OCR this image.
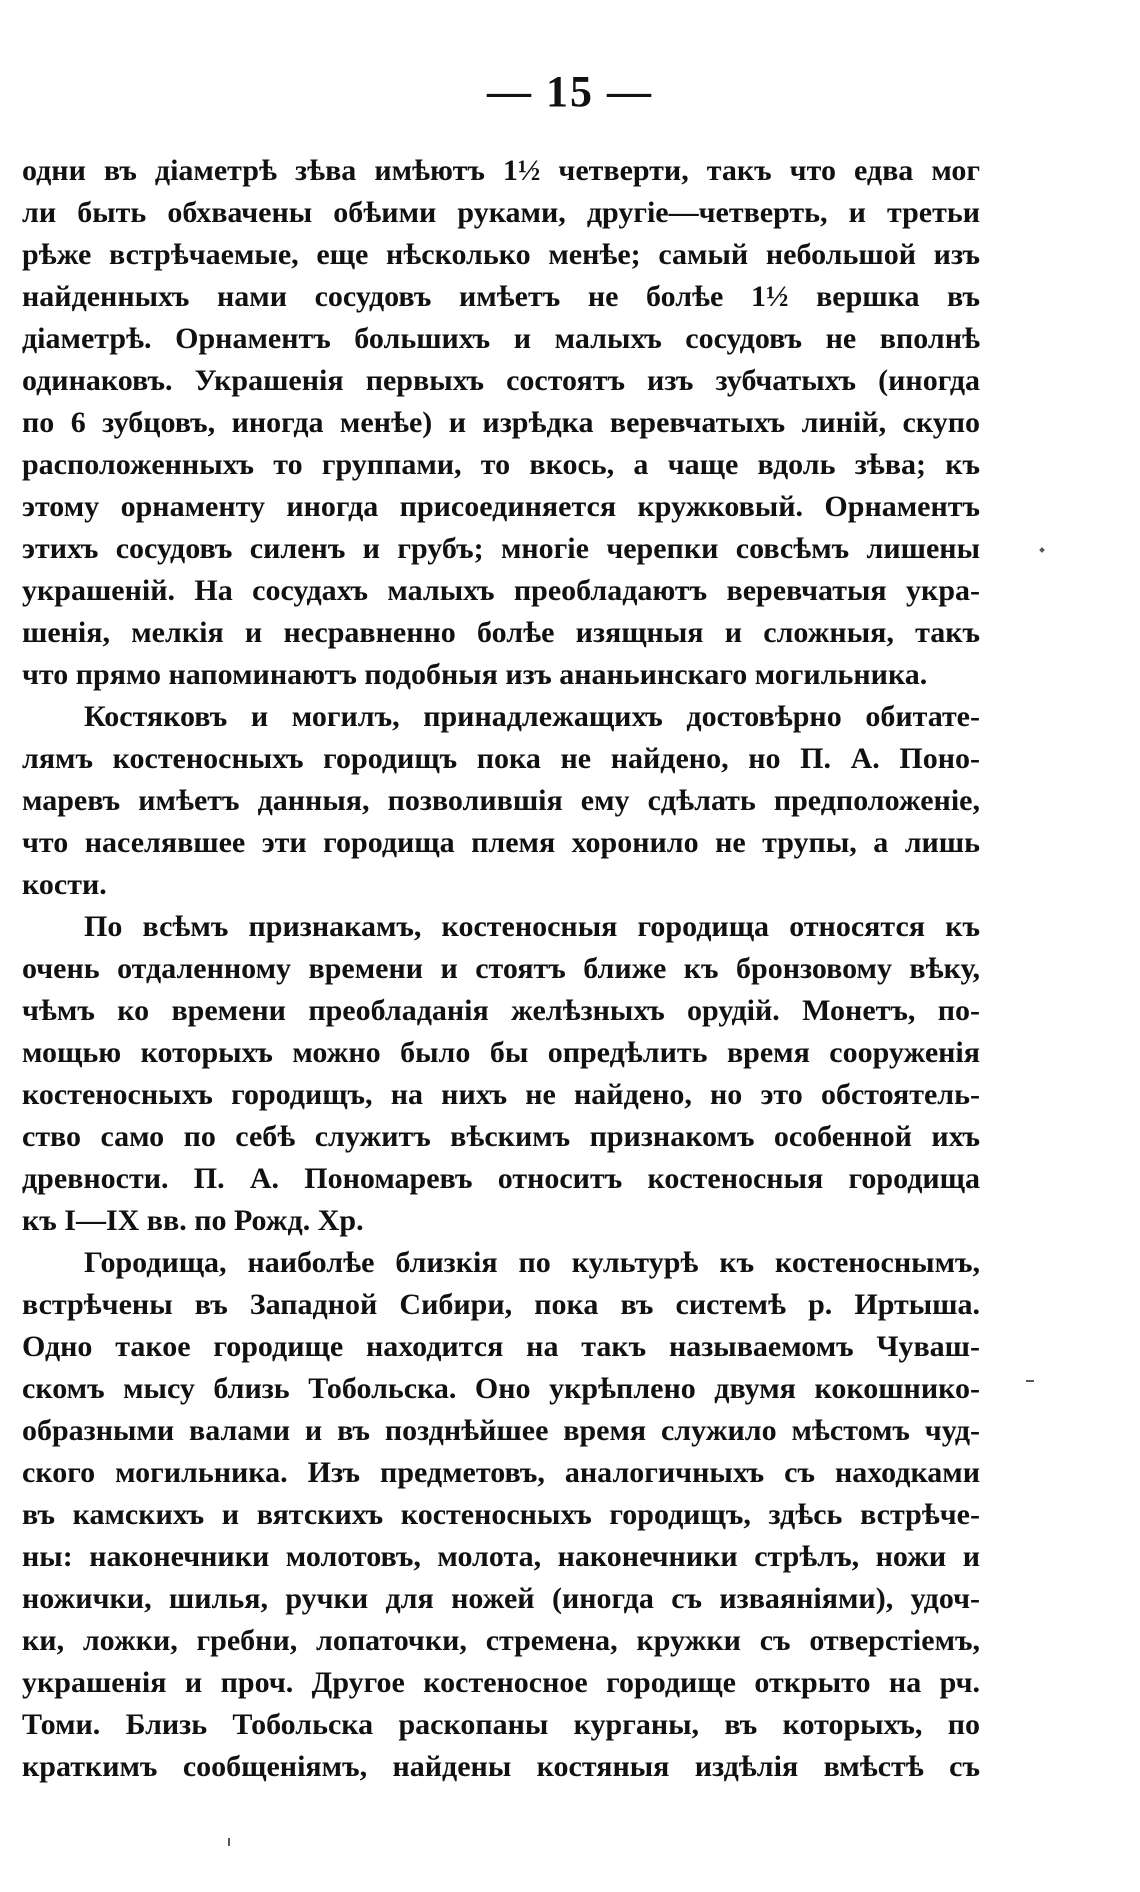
— 15 —
одни въ діаметрѣ зѣва имѣютъ 1½ четверти, такъ что едва мог
ли быть обхвачены обѣими руками, другіе—четверть, и третьи
рѣже встрѣчаемые, еще нѣсколько менѣе; самый небольшой изъ
найденныхъ нами сосудовъ имѣетъ не болѣе 1½ вершка въ
діаметрѣ. Орнаментъ большихъ и малыхъ сосудовъ не вполнѣ
одинаковъ. Украшенія первыхъ состоятъ изъ зубчатыхъ (иногда
по 6 зубцовъ, иногда менѣе) и изрѣдка веревчатыхъ линій, скупо
расположенныхъ то группами, то вкось, а чаще вдоль зѣва; къ
этому орнаменту иногда присоединяется кружковый. Орнаментъ
этихъ сосудовъ силенъ и грубъ; многіе черепки совсѣмъ лишены
украшеній. На сосудахъ малыхъ преобладаютъ веревчатыя укра-
шенія, мелкія и несравненно болѣе изящныя и сложныя, такъ
что прямо напоминаютъ подобныя изъ ананьинскаго могильника.
Костяковъ и могилъ, принадлежащихъ достовѣрно обитате-
лямъ костеносныхъ городищъ пока не найдено, но П. А. Поно-
маревъ имѣетъ данныя, позволившія ему сдѣлать предположеніе,
что населявшее эти городища племя хоронило не трупы, а лишь
кости.
По всѣмъ признакамъ, костеносныя городища относятся къ
очень отдаленному времени и стоятъ ближе къ бронзовому вѣку,
чѣмъ ко времени преобладанія желѣзныхъ орудій. Монетъ, по-
мощью которыхъ можно было бы опредѣлить время сооруженія
костеносныхъ городищъ, на нихъ не найдено, но это обстоятель-
ство само по себѣ служитъ вѣскимъ признакомъ особенной ихъ
древности. П. А. Пономаревъ относитъ костеносныя городища
къ I—IX вв. по Рожд. Хр.
Городища, наиболѣе близкія по культурѣ къ костеноснымъ,
встрѣчены въ Западной Сибири, пока въ системѣ р. Иртыша.
Одно такое городище находится на такъ называемомъ Чуваш-
скомъ мысу близь Тобольска. Оно укрѣплено двумя кокошнико-
образными валами и въ позднѣйшее время служило мѣстомъ чуд-
ского могильника. Изъ предметовъ, аналогичныхъ съ находками
въ камскихъ и вятскихъ костеносныхъ городищъ, здѣсь встрѣче-
ны: наконечники молотовъ, молота, наконечники стрѣлъ, ножи и
ножички, шилья, ручки для ножей (иногда съ изваяніями), удоч-
ки, ложки, гребни, лопаточки, стремена, кружки съ отверстіемъ,
украшенія и проч. Другое костеносное городище открыто на рч.
Томи. Близь Тобольска раскопаны курганы, въ которыхъ, по
краткимъ сообщеніямъ, найдены костяныя издѣлія вмѣстѣ съ
